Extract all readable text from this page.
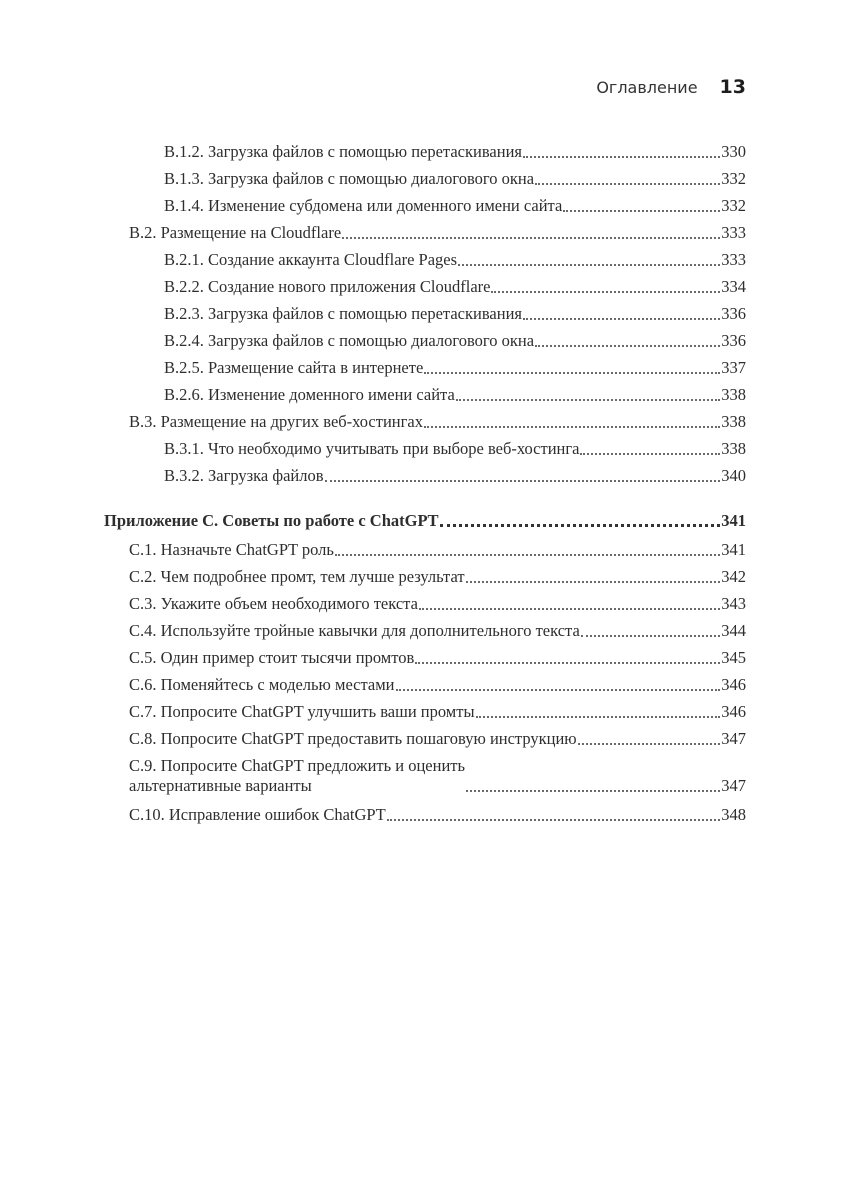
Оглавление 13
B.1.2. Загрузка файлов с помощью перетаскивания	330
B.1.3. Загрузка файлов с помощью диалогового окна	332
B.1.4. Изменение субдомена или доменного имени сайта	332
B.2. Размещение на Cloudflare	333
B.2.1. Создание аккаунта Cloudflare Pages	333
B.2.2. Создание нового приложения Cloudflare	334
B.2.3. Загрузка файлов с помощью перетаскивания	336
B.2.4. Загрузка файлов с помощью диалогового окна	336
B.2.5. Размещение сайта в интернете	337
B.2.6. Изменение доменного имени сайта	338
B.3. Размещение на других веб-хостингах	338
B.3.1. Что необходимо учитывать при выборе веб-хостинга	338
B.3.2. Загрузка файлов	340
Приложение C. Советы по работе с ChatGPT	341
C.1. Назначьте ChatGPT роль	341
C.2. Чем подробнее промт, тем лучше результат	342
C.3. Укажите объем необходимого текста	343
C.4. Используйте тройные кавычки для дополнительного текста	344
C.5. Один пример стоит тысячи промтов	345
C.6. Поменяйтесь с моделью местами	346
C.7. Попросите ChatGPT улучшить ваши промты	346
C.8. Попросите ChatGPT предоставить пошаговую инструкцию	347
C.9. Попросите ChatGPT предложить и оценить
альтернативные варианты	347
C.10. Исправление ошибок ChatGPT	348
